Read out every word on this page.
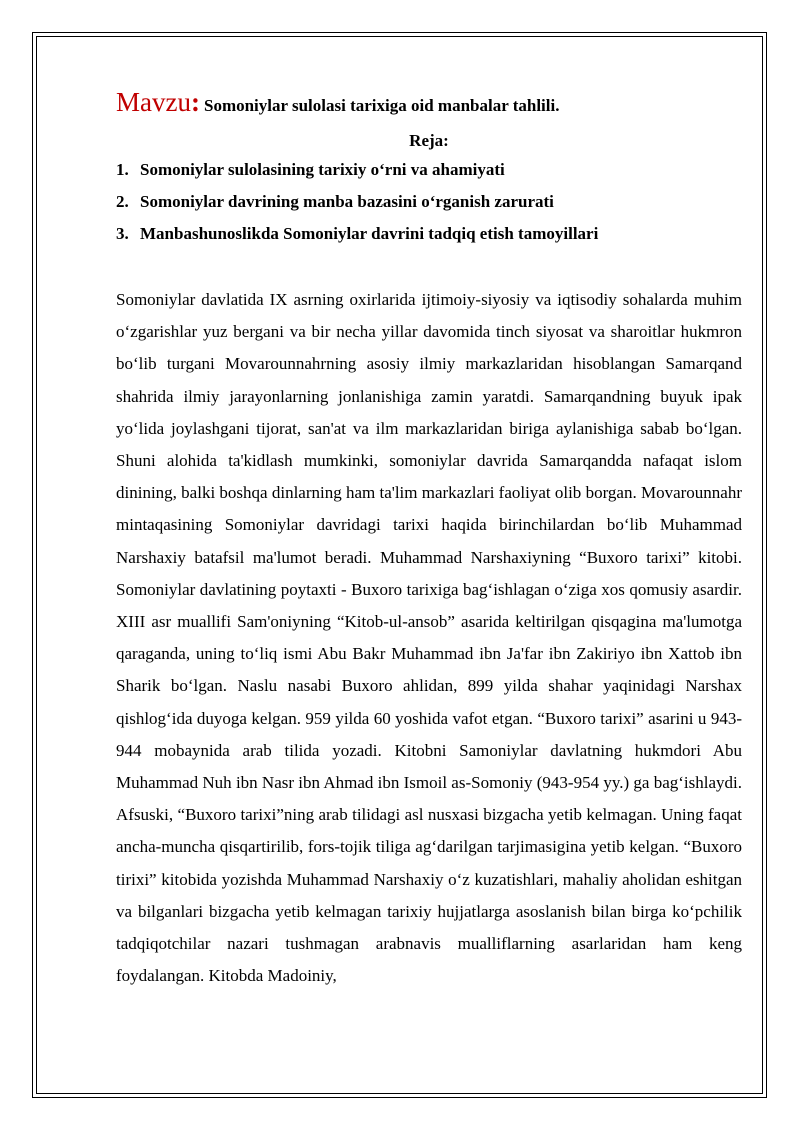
Mavzu: Somoniylar sulolasi tarixiga oid manbalar tahlili.

Reja:

1. Somoniylar sulolasining tarixiy o‘rni va ahamiyati
2. Somoniylar davrining manba bazasini o‘rganish zarurati
3. Manbashunoslikda Somoniylar davrini tadqiq etish tamoyillari

Somoniylar davlatida IX asrning oxirlarida ijtimoiy-siyosiy va iqtisodiy sohalarda muhim o‘zgarishlar yuz bergani va bir necha yillar davomida tinch siyosat va sharoitlar hukmron bo‘lib turgani Movarounnahrning asosiy ilmiy markazlaridan hisoblangan Samarqand shahrida ilmiy jarayonlarning jonlanishiga zamin yaratdi. Samarqandning buyuk ipak yo‘lida joylashgani tijorat, san'at va ilm markazlaridan biriga aylanishiga sabab bo‘lgan. Shuni alohida ta'kidlash mumkinki, somoniylar davrida Samarqandda nafaqat islom dinining, balki boshqa dinlarning ham ta'lim markazlari faoliyat olib borgan. Movarounnahr mintaqasining Somoniylar davridagi tarixi haqida birinchilardan bo‘lib Muhammad Narshaxiy batafsil ma'lumot beradi. Muhammad Narshaxiyning “Buxoro tarixi” kitobi. Somoniylar davlatining poytaxti - Buxoro tarixiga bag‘ishlagan o‘ziga xos qomusiy asardir. XIII asr muallifi Sam'oniyning “Kitob-ul-ansob” asarida keltirilgan qisqagina ma'lumotga qaraganda, uning to‘liq ismi Abu Bakr Muhammad ibn Ja'far ibn Zakiriyo ibn Xattob ibn Sharik bo‘lgan. Naslu nasabi Buxoro ahlidan, 899 yilda shahar yaqinidagi Narshax qishlog‘ida duyoga kelgan. 959 yilda 60 yoshida vafot etgan. “Buxoro tarixi” asarini u 943-944 mobaynida arab tilida yozadi. Kitobni Samoniylar davlatning hukmdori Abu Muhammad Nuh ibn Nasr ibn Ahmad ibn Ismoil as-Somoniy (943-954 yy.) ga bag‘ishlaydi. Afsuski, “Buxoro tarixi”ning arab tilidagi asl nusxasi bizgacha yetib kelmagan. Uning faqat ancha-muncha qisqartirilib, fors-tojik tiliga ag‘darilgan tarjimasigina yetib kelgan. “Buxoro tirixi” kitobida yozishda Muhammad Narshaxiy o‘z kuzatishlari, mahaliy aholidan eshitgan va bilganlari bizgacha yetib kelmagan tarixiy hujjatlarga asoslanish bilan birga ko‘pchilik tadqiqotchilar nazari tushmagan arabnavis mualliflarning asarlaridan ham keng foydalangan. Kitobda Madoiniy,
